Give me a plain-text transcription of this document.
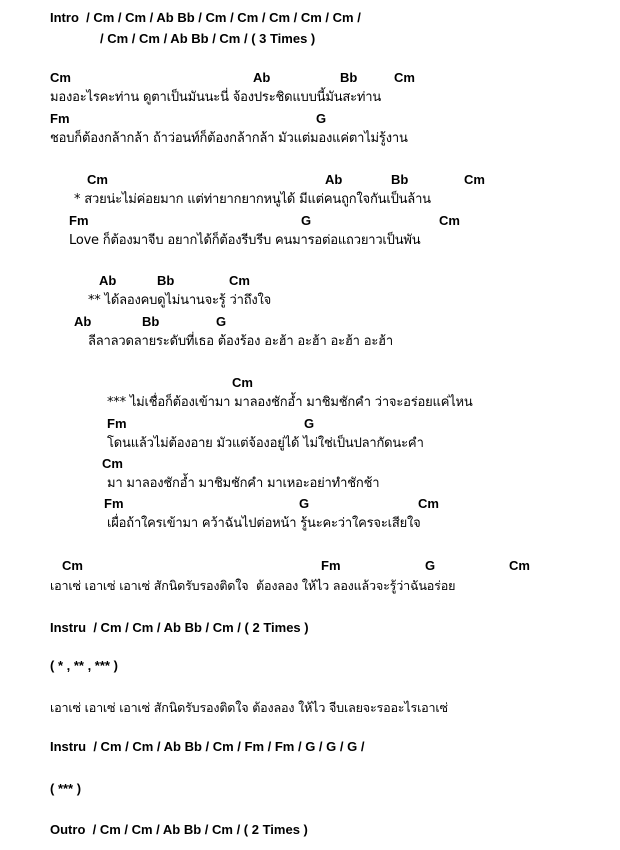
Intro  / Cm / Cm / Ab Bb / Cm / Cm / Cm / Cm / Cm /
/ Cm / Cm / Ab Bb / Cm / ( 3 Times )
Cm	Ab	Bb	Cm
มองอะไรคะท่าน ดูตาเป็นมันนะนี่ จ้องประชิดแบบนี้มันสะท่าน
Fm	G
ชอบก็ต้องกล้ากล้า ถ้าว่อนท์ก็ต้องกล้ากล้า มัวแต่มองแค่ตาไม่รู้งาน
Cm	Ab	Bb	Cm
* สวยน่ะไม่ค่อยมาก แต่ท่ายากยากหนูได้ มีแต่คนถูกใจกันเป็นล้าน
Fm	G	Cm
Love ก็ต้องมาจีบ อยากได้ก็ต้องรีบรีบ คนมารอต่อแถวยาวเป็นพัน
Ab	Bb	Cm
** ได้ลองคบดูไม่นานจะรู้ ว่าถึงใจ
Ab	Bb	G
ลีลาลวดลายระดับที่เธอ ต้องร้อง อะฮ้า อะฮ้า อะฮ้า อะฮ้า
Cm
*** ไม่เชื่อก็ต้องเข้ามา มาลองชักอ้ำ มาชิมชักคำ ว่าจะอร่อยแค่ไหน
Fm	G
โดนแล้วไม่ต้องอาย มัวแต่จ้องอยู่ได้ ไม่ใช่เป็นปลากัดนะคำ
Cm
มา มาลองชักอ้ำ มาชิมชักคำ มาเหอะอย่าทำชักช้า
Fm	G	Cm
เผื่อถ้าใครเข้ามา คว้าฉันไปต่อหน้า รู้นะคะว่าใครจะเสียใจ
Cm	Fm	G	Cm
เอาเซ่ เอาเซ่ เอาเซ่ สักนิดรับรองติดใจ  ต้องลอง ให้ไว ลองแล้วจะรู้ว่าฉันอร่อย
Instru  / Cm / Cm / Ab Bb / Cm / ( 2 Times )
( * , ** , *** )
เอาเซ่ เอาเซ่ เอาเซ่ สักนิดรับรองติดใจ ต้องลอง ให้ไว จีบเลยจะรออะไรเอาเซ่
Instru  / Cm / Cm / Ab Bb / Cm / Fm / Fm / G / G / G /
( *** )
Outro  / Cm / Cm / Ab Bb / Cm / ( 2 Times )
